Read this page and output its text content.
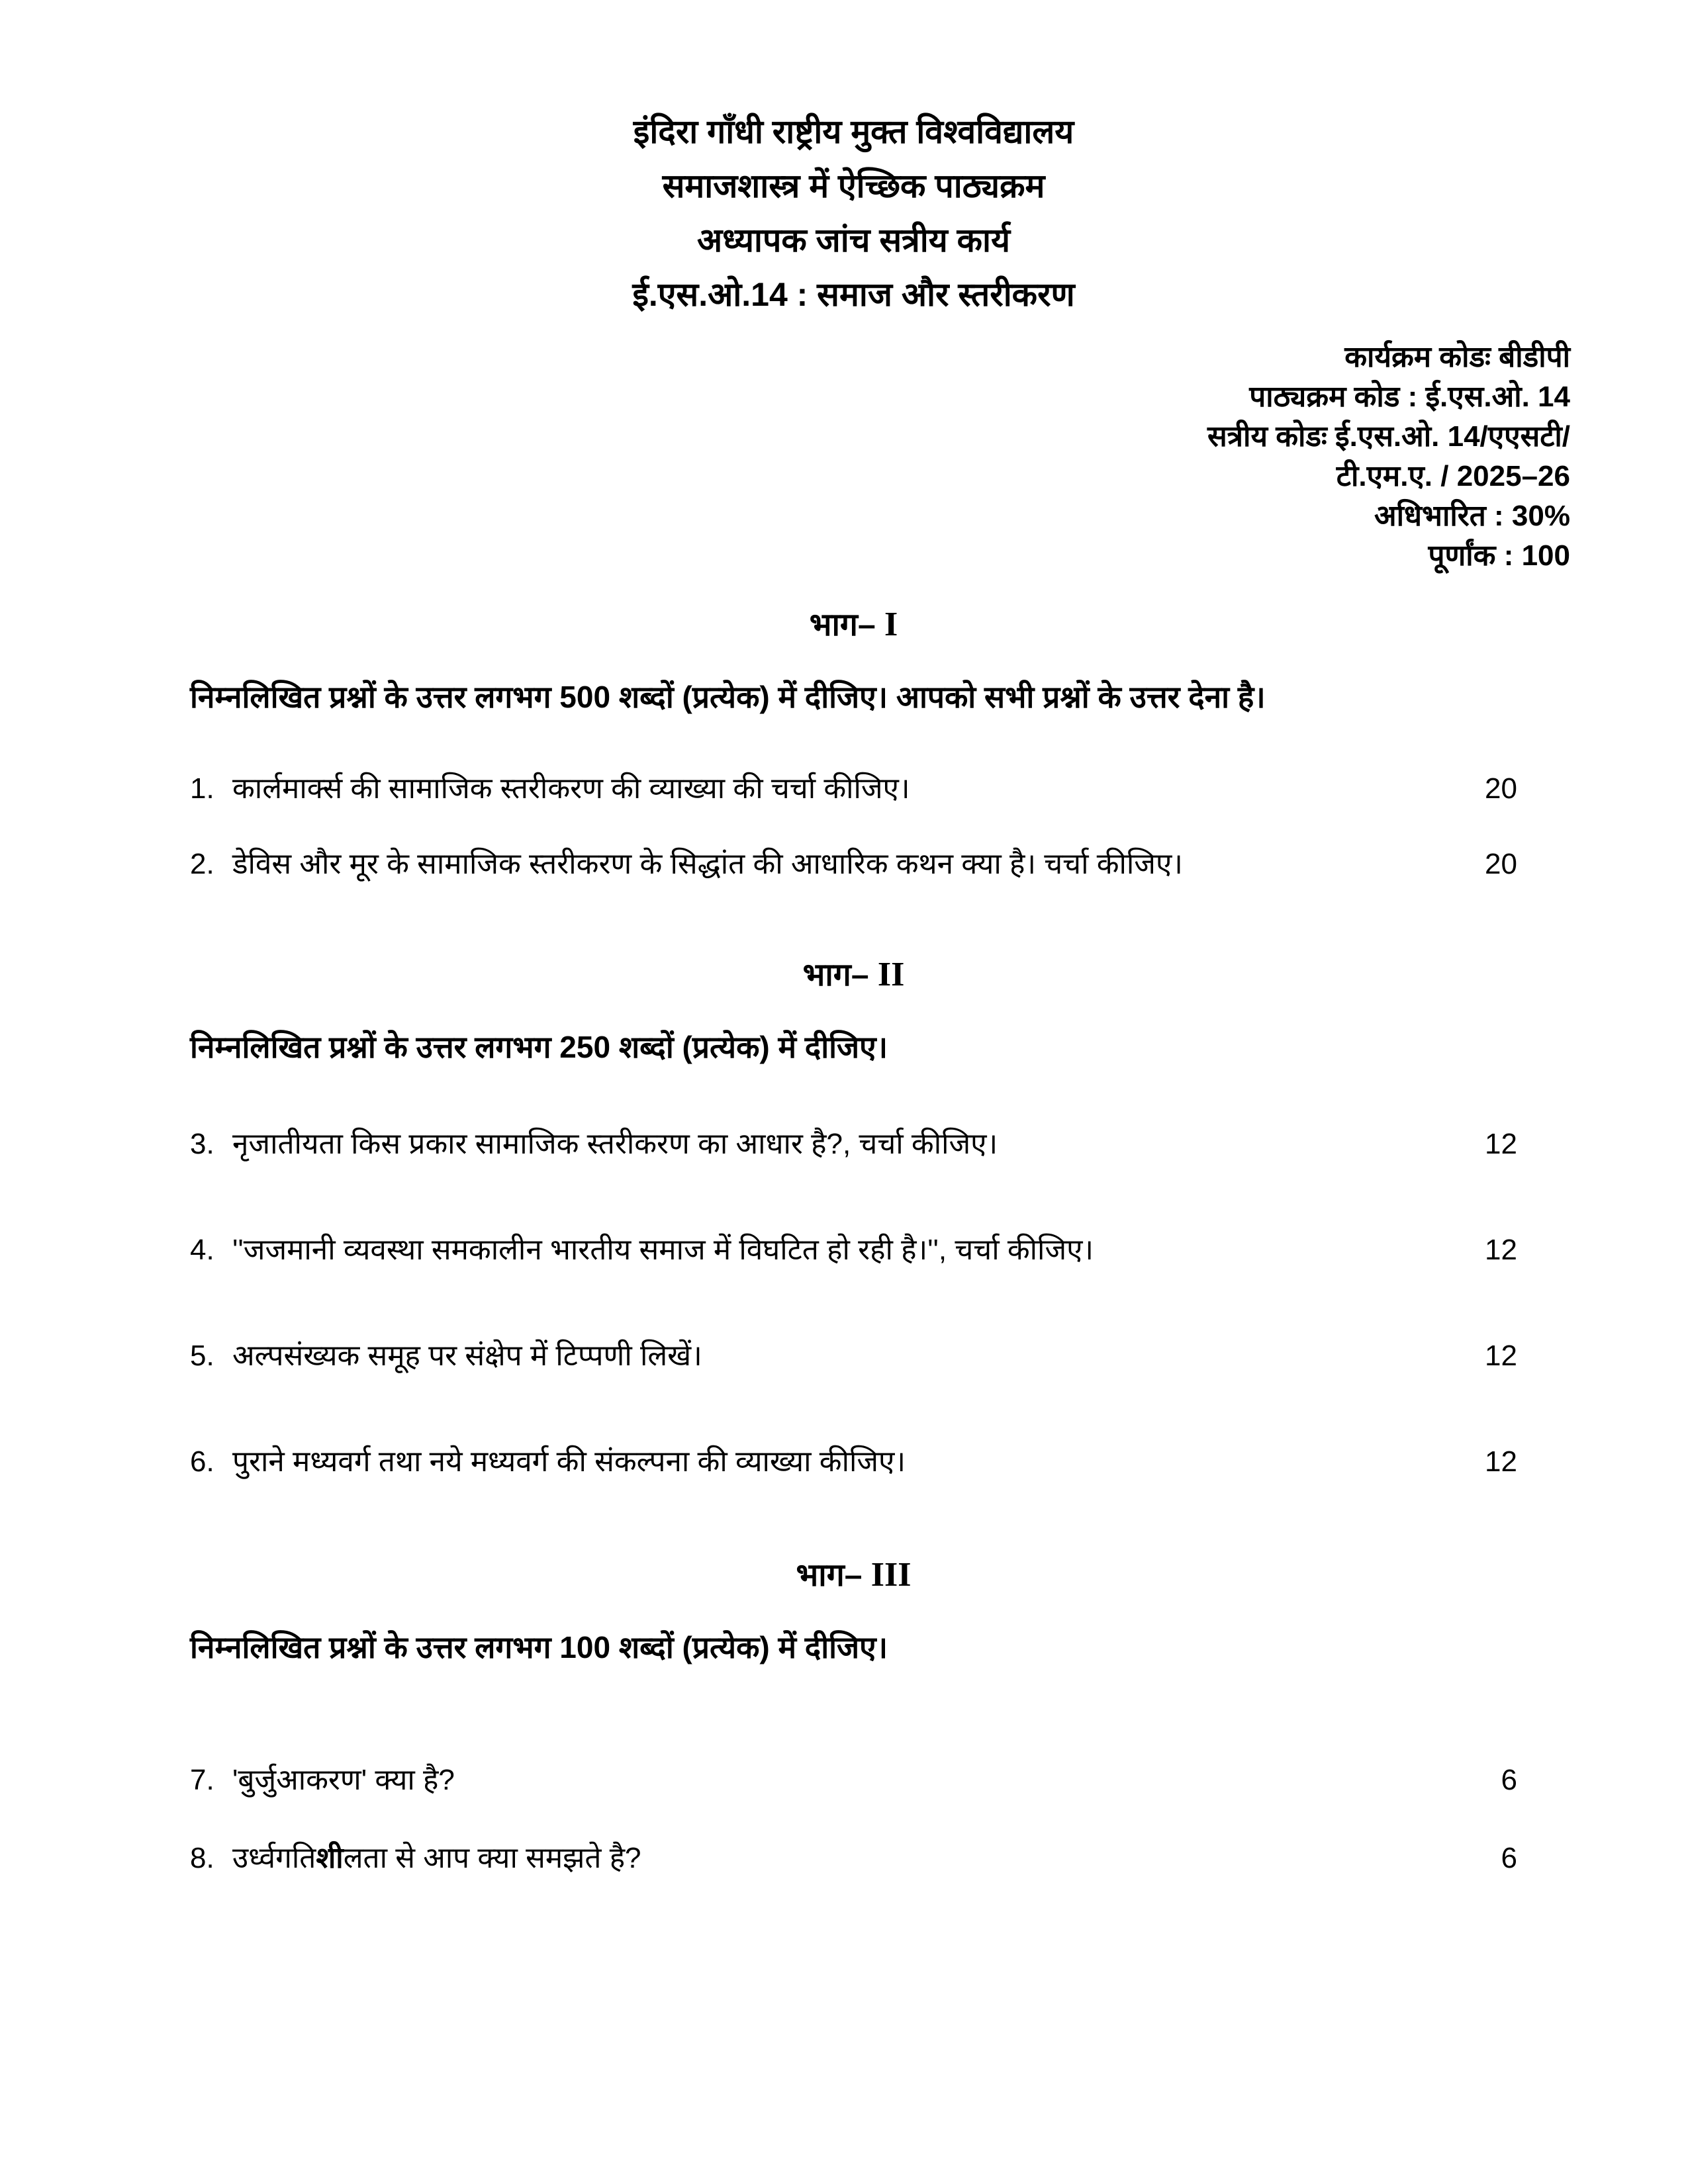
इंदिरा गाँधी राष्ट्रीय मुक्त विश्वविद्यालय
समाजशास्त्र में ऐच्छिक पाठ्यक्रम
अध्यापक जांच सत्रीय कार्य
ई.एस.ओ.14 : समाज और स्तरीकरण
कार्यक्रम कोडः बीडीपी
पाठ्यक्रम कोड : ई.एस.ओ. 14
सत्रीय कोडः ई.एस.ओ. 14/एएसटी/
टी.एम.ए. / 2025–26
अधिभारित : 30%
पूर्णांक : 100
भाग– I
निम्नलिखित प्रश्नों के उत्तर लगभग 500 शब्दों (प्रत्येक) में दीजिए। आपको सभी प्रश्नों के उत्तर देना है।
1. कार्लमार्क्स की सामाजिक स्तरीकरण की व्याख्या की चर्चा कीजिए।	20
2. डेविस और मूर के सामाजिक स्तरीकरण के सिद्धांत की आधारिक कथन क्या है। चर्चा कीजिए।	20
भाग– II
निम्नलिखित प्रश्नों के उत्तर लगभग 250 शब्दों (प्रत्येक) में दीजिए।
3. नृजातीयता किस प्रकार सामाजिक स्तरीकरण का आधार है?, चर्चा कीजिए।	12
4. ''जजमानी व्यवस्था समकालीन भारतीय समाज में विघटित हो रही है।'', चर्चा कीजिए।	12
5. अल्पसंख्यक समूह पर संक्षेप में टिप्पणी लिखें।	12
6. पुराने मध्यवर्ग तथा नये मध्यवर्ग की संकल्पना की व्याख्या कीजिए।	12
भाग– III
निम्नलिखित प्रश्नों के उत्तर लगभग 100 शब्दों (प्रत्येक) में दीजिए।
7. 'बुर्जुआकरण' क्या है?	6
8. उर्ध्वगतिशीलता से आप क्या समझते है?	6
